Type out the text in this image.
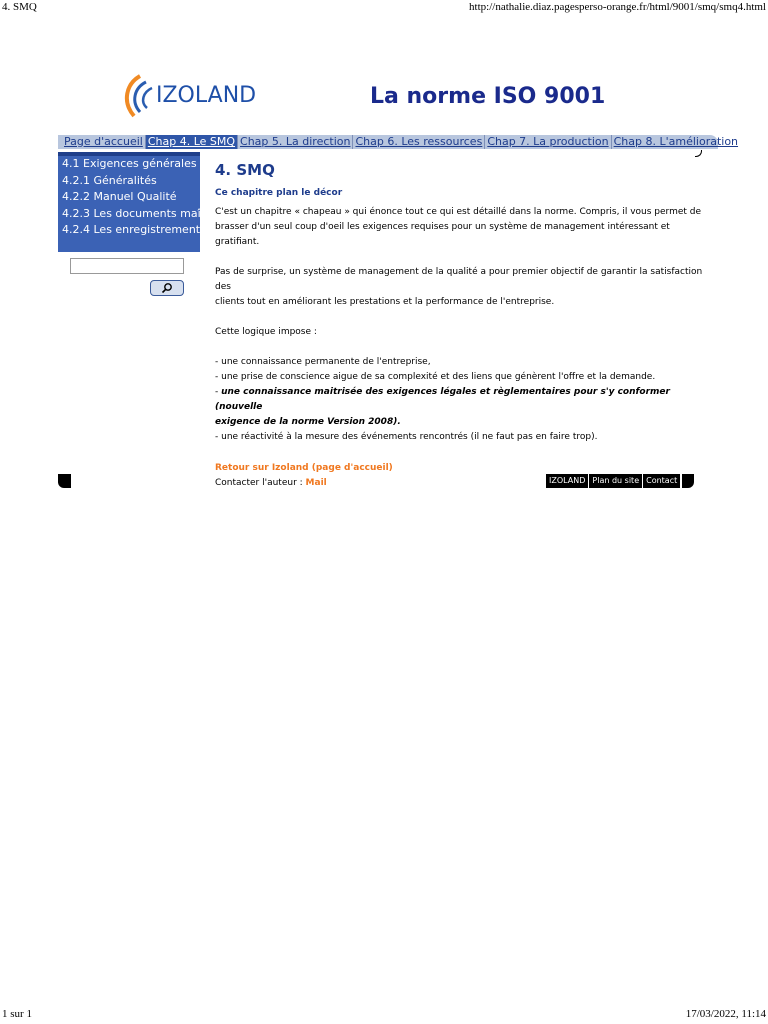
4. SMQ	http://nathalie.diaz.pagesperso-orange.fr/html/9001/smq/smq4.html
IZOLAND	La norme ISO 9001
Page d'accueil Chap 4. Le SMQ Chap 5. La direction Chap 6. Les ressources Chap 7. La production Chap 8. L'amélioration
4.1 Exigences générales
4.2.1 Généralités
4.2.2 Manuel Qualité
4.2.3 Les documents maîtrisés
4.2.4 Les enregistrements
4. SMQ
Ce chapitre plan le décor
C'est un chapitre « chapeau » qui énonce tout ce qui est détaillé dans la norme. Compris, il vous permet de
brasser d'un seul coup d'oeil les exigences requises pour un système de management intéressant et gratifiant.
Pas de surprise, un système de management de la qualité a pour premier objectif de garantir la satisfaction des
clients tout en améliorant les prestations et la performance de l'entreprise.
Cette logique impose :
- une connaissance permanente de l'entreprise,
- une prise de conscience aigue de sa complexité et des liens que génèrent l'offre et la demande.
- une connaissance maitrisée des exigences légales et règlementaires pour s'y conformer (nouvelle
exigence de la norme Version 2008).
- une réactivité à la mesure des événements rencontrés (il ne faut pas en faire trop).
Retour sur Izoland (page d'accueil)
Contacter l'auteur : Mail	IZOLAND Plan du site Contact
1 sur 1	17/03/2022, 11:14
